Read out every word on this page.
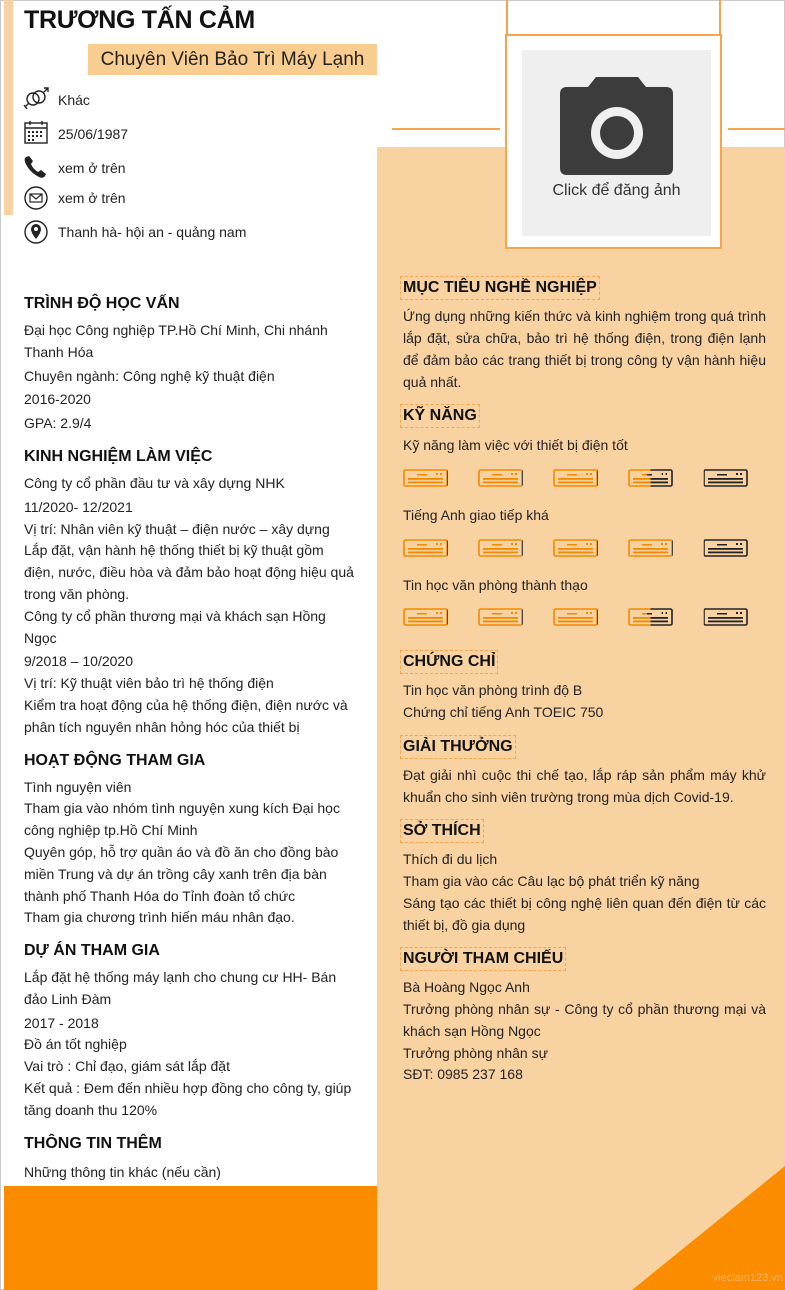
vieclam123.vn
TRƯƠNG TẤN CẢM
Chuyên Viên Bảo Trì Máy Lạnh
Click để đăng ảnh
Khác
25/06/1987
xem ở trên
xem ở trên
Thanh hà- hội an - quảng nam
TRÌNH ĐỘ HỌC VẤN
Đại học Công nghiệp TP.Hồ Chí Minh, Chi nhánh Thanh Hóa
Chuyên ngành: Công nghệ kỹ thuật điện
2016-2020
GPA: 2.9/4
KINH NGHIỆM LÀM VIỆC
Công ty cổ phần đầu tư và xây dựng NHK
11/2020- 12/2021
Vị trí: Nhân viên kỹ thuật – điện nước – xây dựng
Lắp đặt, vận hành hệ thống thiết bị kỹ thuật gồm điện, nước, điều hòa và đảm bảo hoạt động hiệu quả trong văn phòng.
Công ty cổ phần thương mại và khách sạn Hồng Ngọc
9/2018 – 10/2020
Vị trí: Kỹ thuật viên bảo trì hệ thống điện
Kiểm tra hoạt động của hệ thống điện, điện nước và phân tích nguyên nhân hỏng hóc của thiết bị
HOẠT ĐỘNG THAM GIA
Tình nguyện viên
Tham gia vào nhóm tình nguyện xung kích Đại học công nghiệp tp.Hồ Chí Minh
Quyên góp, hỗ trợ quần áo và đồ ăn cho đồng bào miền Trung và dự án trồng cây xanh trên địa bàn thành phố Thanh Hóa do Tỉnh đoàn tổ chức
Tham gia chương trình hiến máu nhân đạo.
DỰ ÁN THAM GIA
Lắp đặt hệ thống máy lạnh cho chung cư HH- Bán đảo Linh Đàm
2017 - 2018
Đồ án tốt nghiệp
Vai trò : Chỉ đạo, giám sát lắp đặt
Kết quả : Đem đến nhiều hợp đồng cho công ty, giúp tăng doanh thu 120%
THÔNG TIN THÊM
Những thông tin khác (nếu cần)
MỤC TIÊU NGHỀ NGHIỆP
Ứng dụng những kiến thức và kinh nghiệm trong quá trình lắp đặt, sửa chữa, bảo trì hệ thống điện, trong điện lạnh để đảm bảo các trang thiết bị trong công ty vận hành hiệu quả nhất.
KỸ NĂNG
Kỹ năng làm việc với thiết bị điện tốt
Tiếng Anh giao tiếp khá
Tin học văn phòng thành thạo
CHỨNG CHỈ
Tin học văn phòng trình độ B
Chứng chỉ tiếng Anh TOEIC 750
GIẢI THƯỞNG
Đạt giải nhì cuộc thi chế tạo, lắp ráp sản phẩm máy khử khuẩn cho sinh viên trường trong mùa dịch Covid-19.
SỞ THÍCH
Thích đi du lịch
Tham gia vào các Câu lạc bộ phát triển kỹ năng
Sáng tạo các thiết bị công nghệ liên quan đến điện từ các thiết bị, đồ gia dụng
NGƯỜI THAM CHIẾU
Bà Hoàng Ngọc Anh
Trưởng phòng nhân sự - Công ty cổ phần thương mại và khách sạn Hồng Ngọc
Trưởng phòng nhân sự
SĐT: 0985 237 168
